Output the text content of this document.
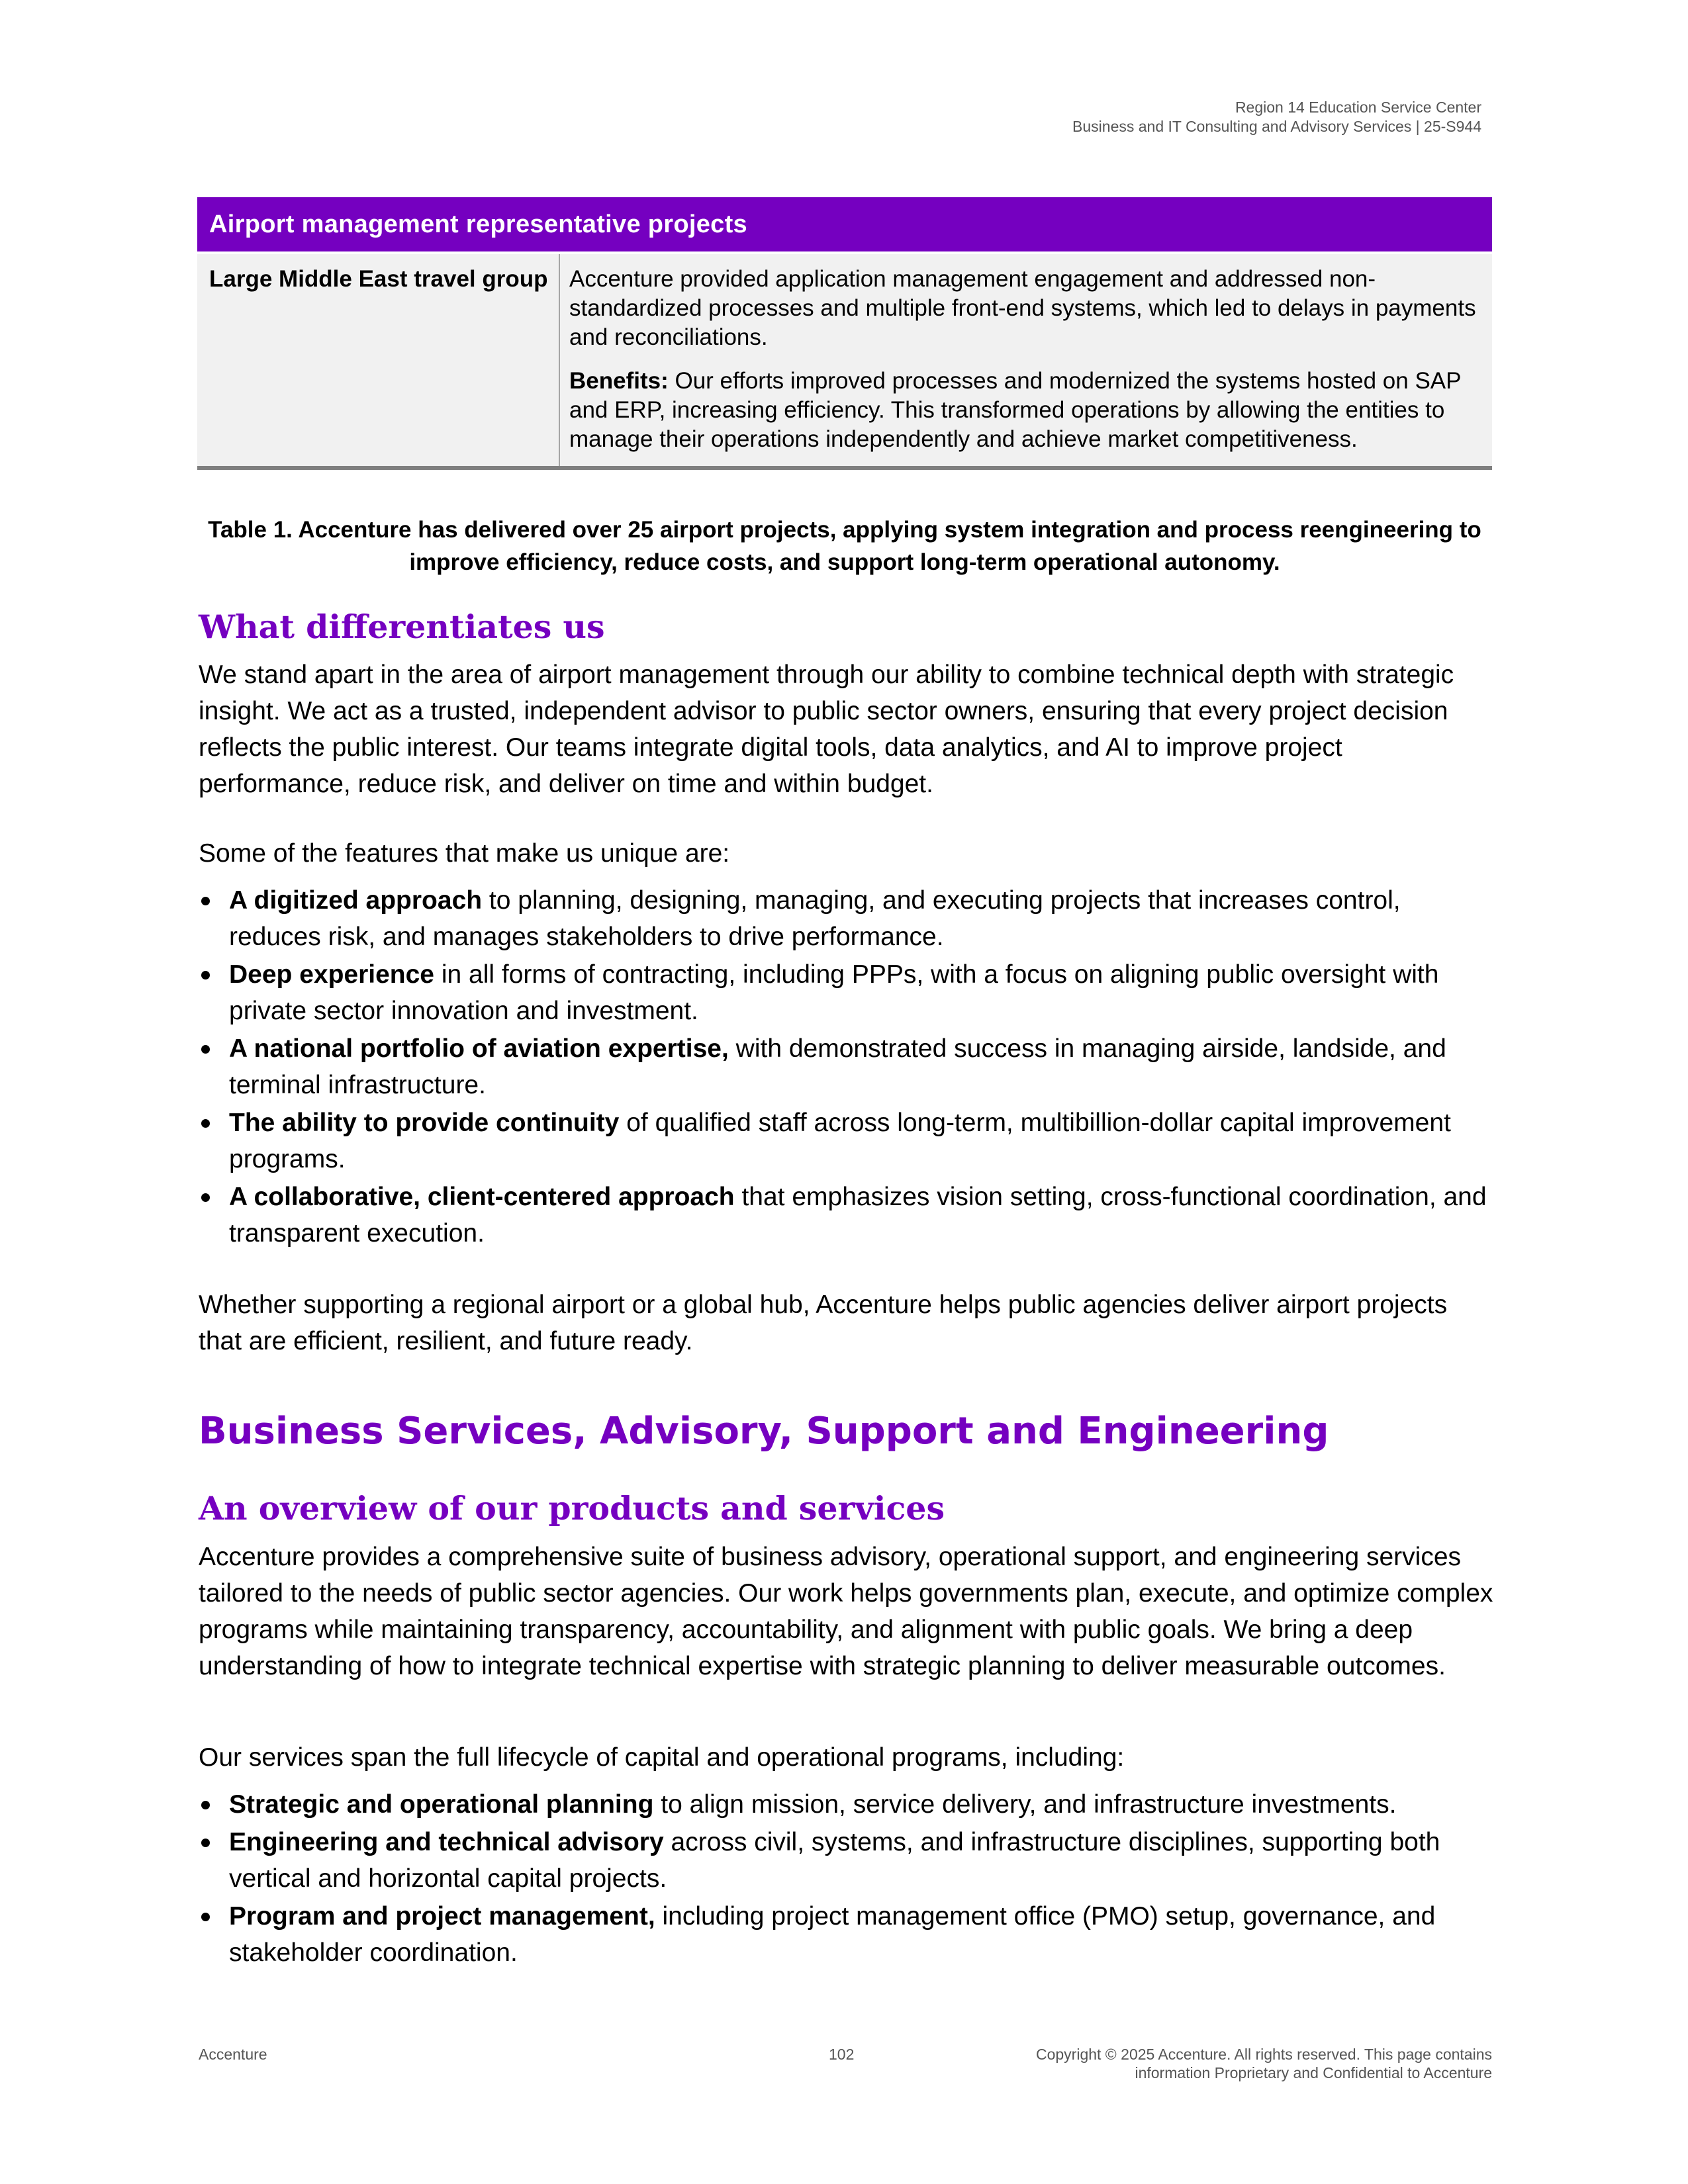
Region 14 Education Service Center
Business and IT Consulting and Advisory Services | 25-S944
Airport management representative projects
Large Middle East travel group Accenture provided application management engagement and addressed non-standardized processes and multiple front-end systems, which led to delays in payments and reconciliations.

Benefits: Our efforts improved processes and modernized the systems hosted on SAP and ERP, increasing efficiency. This transformed operations by allowing the entities to manage their operations independently and achieve market competitiveness.

Table 1. Accenture has delivered over 25 airport projects, applying system integration and process reengineering to improve efficiency, reduce costs, and support long-term operational autonomy.
What differentiates us

We stand apart in the area of airport management through our ability to combine technical depth with strategic insight. We act as a trusted, independent advisor to public sector owners, ensuring that every project decision reflects the public interest. Our teams integrate digital tools, data analytics, and AI to improve project performance, reduce risk, and deliver on time and within budget.

Some of the features that make us unique are:

A digitized approach to planning, designing, managing, and executing projects that increases control, reduces risk, and manages stakeholders to drive performance.
Deep experience in all forms of contracting, including PPPs, with a focus on aligning public oversight with private sector innovation and investment.
A national portfolio of aviation expertise, with demonstrated success in managing airside, landside, and terminal infrastructure.
The ability to provide continuity of qualified staff across long-term, multibillion-dollar capital improvement programs.
A collaborative, client-centered approach that emphasizes vision setting, cross-functional coordination, and transparent execution.

Whether supporting a regional airport or a global hub, Accenture helps public agencies deliver airport projects that are efficient, resilient, and future ready.

Business Services, Advisory, Support and Engineering
An overview of our products and services

Accenture provides a comprehensive suite of business advisory, operational support, and engineering services tailored to the needs of public sector agencies. Our work helps governments plan, execute, and optimize complex programs while maintaining transparency, accountability, and alignment with public goals. We bring a deep understanding of how to integrate technical expertise with strategic planning to deliver measurable outcomes.

Our services span the full lifecycle of capital and operational programs, including:

Strategic and operational planning to align mission, service delivery, and infrastructure investments.
Engineering and technical advisory across civil, systems, and infrastructure disciplines, supporting both vertical and horizontal capital projects.
Program and project management, including project management office (PMO) setup, governance, and stakeholder coordination.
Accenture	102	Copyright © 2025 Accenture. All rights reserved. This page contains
information Proprietary and Confidential to Accenture
